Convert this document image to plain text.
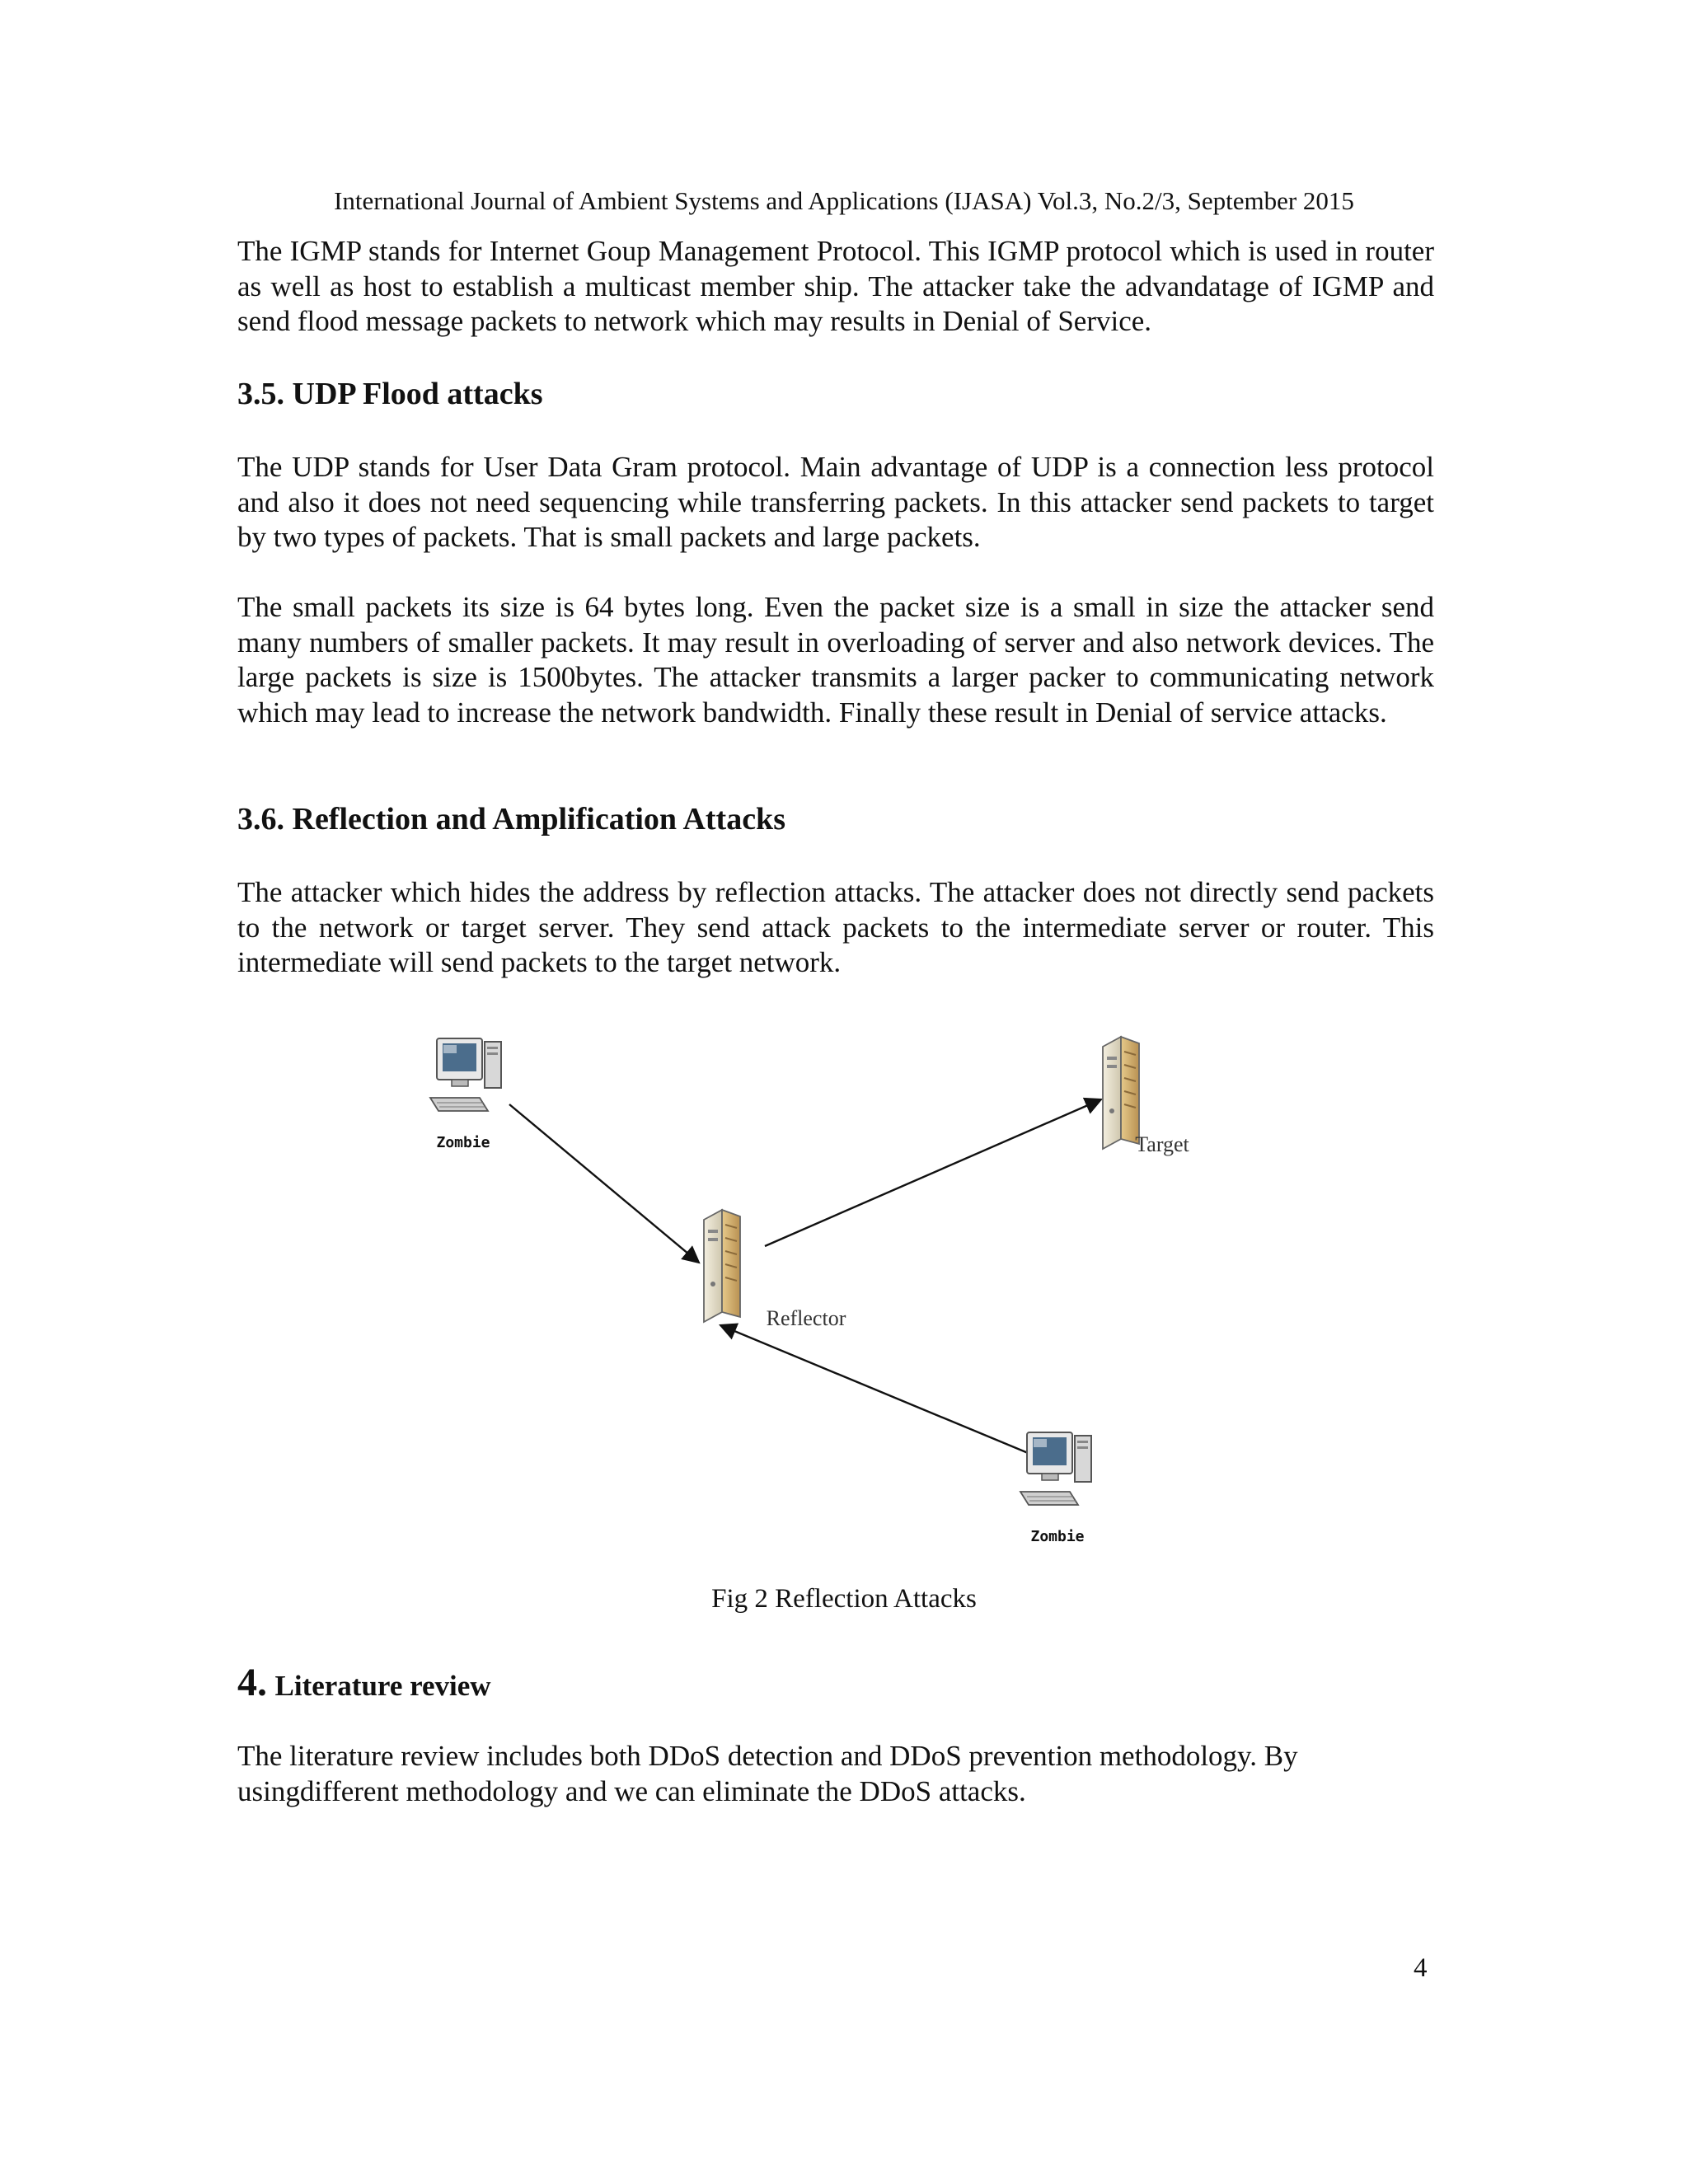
International Journal of Ambient Systems and Applications (IJASA) Vol.3, No.2/3, September 2015

The IGMP stands for Internet Goup Management Protocol. This IGMP protocol which is used in router as well as host to establish a multicast member ship. The attacker take the advandatage of IGMP and send flood message packets to network which may results in Denial of Service.

3.5. UDP Flood attacks

The UDP stands for User Data Gram protocol. Main advantage of UDP is a connection less protocol and also it does not need sequencing while transferring packets. In this attacker send packets to target by two types of packets. That is small packets and large packets.

The small packets its size is 64 bytes long. Even the packet size is a small in size the attacker send many numbers of smaller packets. It may result in overloading of server and also network devices. The large packets is size is 1500bytes. The attacker transmits a larger packer to communicating network which may lead to increase the network bandwidth. Finally these result in Denial of service attacks.

3.6. Reflection and Amplification Attacks

The attacker which hides the address by reflection attacks. The attacker does not directly send packets to the network or target server. They send attack packets to the intermediate server or router. This intermediate will send packets to the target network.

Zombie	Target
Reflector
Zombie
Fig 2 Reflection Attacks
4. Literature review

The literature review includes both DDoS detection and DDoS prevention methodology. By usingdifferent methodology and we can eliminate the DDoS attacks.

4
